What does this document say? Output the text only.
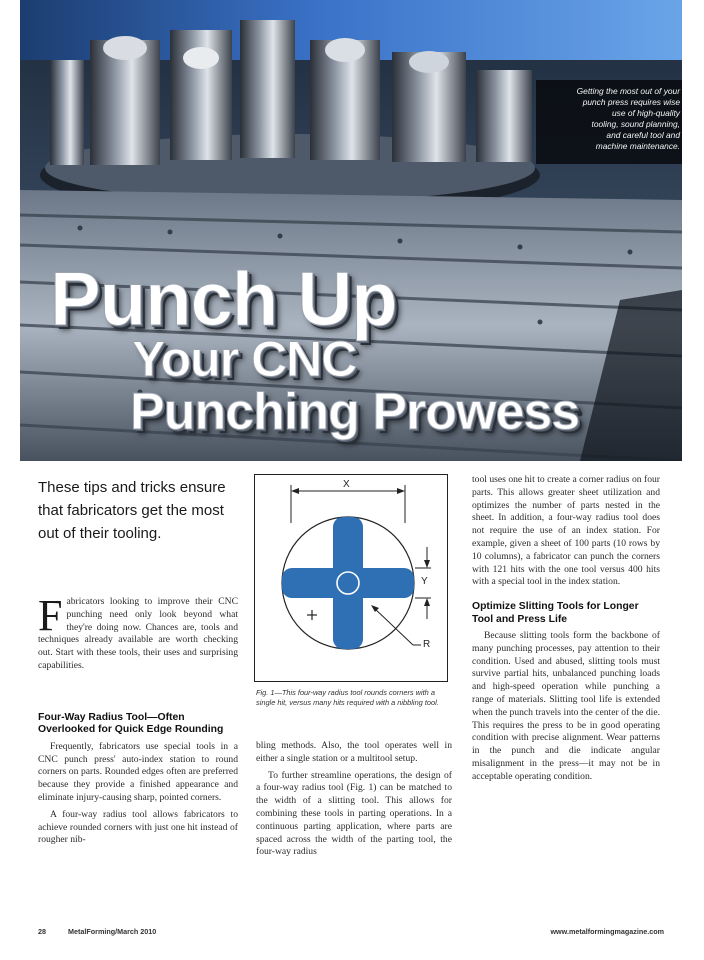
Getting the most out of your
punch press requires wise
use of high-quality
tooling, sound planning,
and careful tool and
machine maintenance.
Punch Up
Your CNC
Punching Prowess
These tips and tricks ensure that fabricators get the most out of their tooling.
Fabricators looking to improve their CNC punching need only look beyond what they're doing now. Chances are, tools and techniques already available are worth checking out. Start with these tools, their uses and surprising capabilities.
Four-Way Radius Tool—Often Overlooked for Quick Edge Rounding

Frequently, fabricators use special tools in a CNC punch press' auto-index station to round corners on parts. Rounded edges often are preferred because they provide a finished appearance and eliminate injury-causing sharp, pointed corners.

A four-way radius tool allows fabricators to achieve rounded corners with just one hit instead of rougher nib-

X
Y
R
Fig. 1—This four-way radius tool rounds corners with a single hit, versus many hits required with a nibbling tool.

bling methods. Also, the tool operates well in either a single station or a multitool setup.

To further streamline operations, the design of a four-way radius tool (Fig. 1) can be matched to the width of a slitting tool. This allows for combining these tools in parting operations. In a continuous parting application, where parts are spaced across the width of the parting tool, the four-way radius

tool uses one hit to create a corner radius on four parts. This allows greater sheet utilization and optimizes the number of parts nested in the sheet. In addition, a four-way radius tool does not require the use of an index station. For example, given a sheet of 100 parts (10 rows by 10 columns), a fabricator can punch the corners with 121 hits with the one tool versus 400 hits with a special tool in the index station.

Optimize Slitting Tools for Longer Tool and Press Life

Because slitting tools form the backbone of many punching processes, pay attention to their condition. Used and abused, slitting tools must survive partial hits, unbalanced punching loads and high-speed operation while punching a range of materials. Slitting tool life is extended when the punch travels into the center of the die. This requires the press to be in good operating condition with precise alignment. Wear patterns in the punch and die indicate angular misalignment in the press—it may not be in acceptable operating condition.

28	MetalForming/March 2010	www.metalformingmagazine.com
